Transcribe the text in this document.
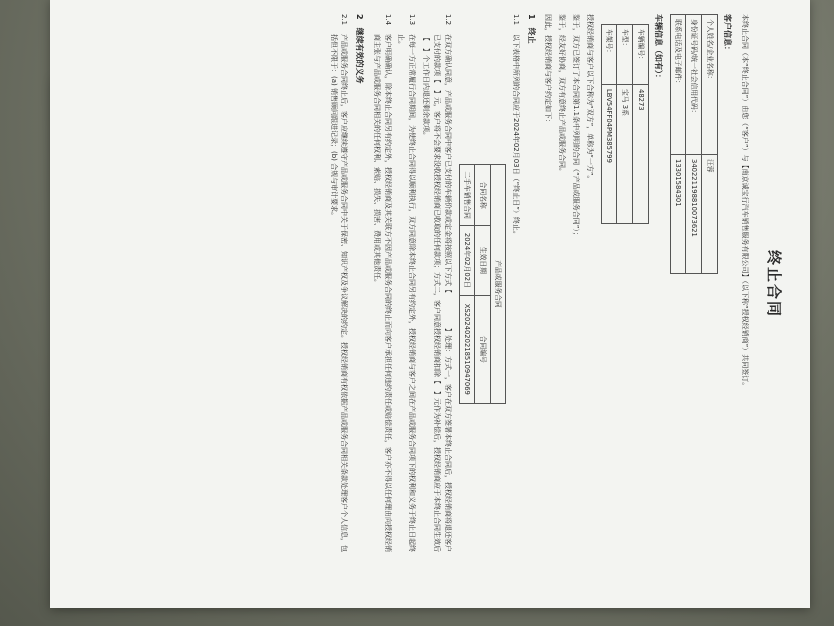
终止合同
本终止合同（本“终止合同”）由您（“客户”）与【南京诚宝行汽车销售服务有限公司】（以下称“授权经销商”）共同签订。
客户信息：
个人姓名/企业名称：	汪蓉
身份证号码/统一社会信用代码：	340221198810073621
联系电话及电子邮件：	13301584301
车辆信息（如有）：
车辆编号：	48273
车型：	宝马 3系
车架号：	LBV54FF04PM385799
授权经销商与客户以下合称为“双方”，单称为“一方”。
鉴于，双方已签订了本合同第1.1条中列明的合同（“产品或服务合同”）；
鉴于，经友好协商，双方有意终止产品或服务合同。
因此，授权经销商与客户约定如下：
1　终止
1.1
以下表格中所列的合同应于2024年02月03日（“终止日”）终止。
产品或服务合同		
合同名称	生效日期	合同编号
二手车销售合同	2024年02月02日	XS20240202185109470​69
1.2
在双方确认同意，产品或服务合同中客户已支付的车辆价款或定金将按照以下方式【　　　　　】处理：方式一，客户在双方签署本终止合同后，授权经销商将退还客户已支付的款项【　】元，客户将不会要求没收授权经销商已收取的任何款项；方式二，客户同意授权经销商扣除【　】元作为补偿后，授权经销商应于本终止合同生效后【　】个工作日内退还剩余款项。
1.3
在每一方正常履行合同期间，为使终止合同得以顺利执行，双方同意除本终止合同另有约定外，授权经销商与客户之间在产品或服务合同项下的权利和义务于终止日起终止。
1.4
客户明确确认，除本终止合同另有约定外，授权经销商及其关联方不因产品或服务合同的终止而向客户承担任何违约责任或赔偿责任，客户亦不得以任何理由向授权经销商主张与产品或服务合同相关的任何权利、索赔、损失、损害、费用或其他责任。
2　继续有效的义务
2.1
产品或服务合同终止后，客户应继续遵守产品或服务合同中关于保密、知识产权及争议解决的约定。授权经销商有权依据产品或服务合同相关条款处理客户个人信息，包括但不限于：(a) 销售顾问跟进记录；(b) 合规与审计要求。
